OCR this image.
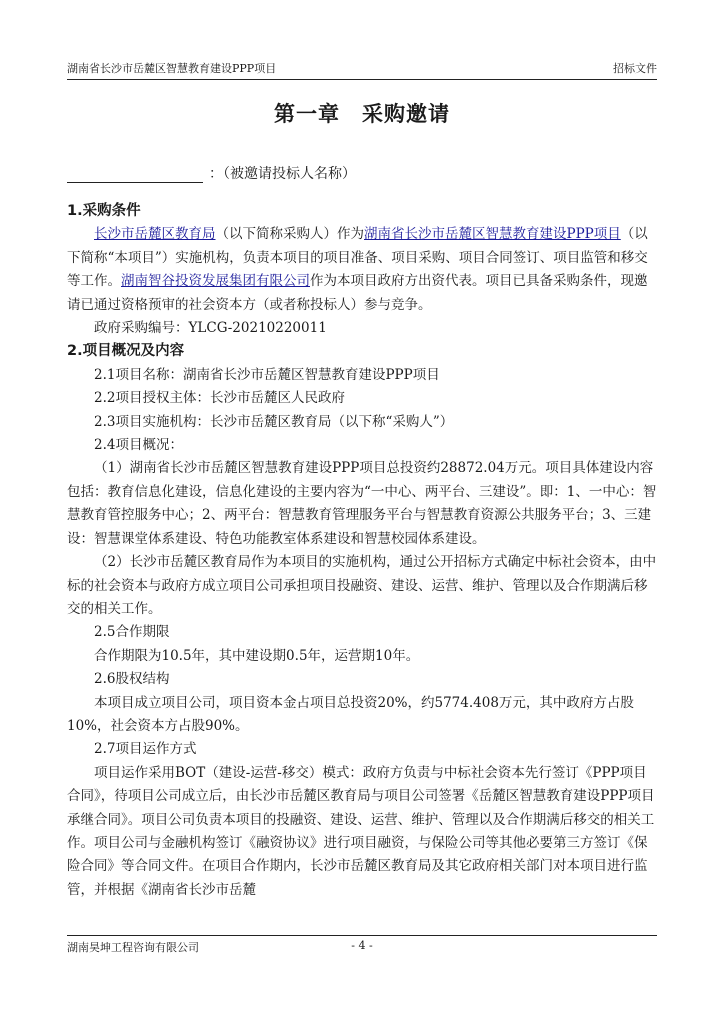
湖南省长沙市岳麓区智慧教育建设PPP项目	招标文件
第一章　采购邀请
：（被邀请投标人名称）

1.采购条件

长沙市岳麓区教育局（以下简称采购人）作为湖南省长沙市岳麓区智慧教育建设PPP项目（以下简称“本项目”）实施机构，负责本项目的项目准备、项目采购、项目合同签订、项目监管和移交等工作。湖南智谷投资发展集团有限公司作为本项目政府方出资代表。项目已具备采购条件，现邀请已通过资格预审的社会资本方（或者称投标人）参与竞争。

政府采购编号：YLCG-20210220011

2.项目概况及内容

2.1项目名称：湖南省长沙市岳麓区智慧教育建设PPP项目

2.2项目授权主体：长沙市岳麓区人民政府

2.3项目实施机构：长沙市岳麓区教育局（以下称“采购人”）

2.4项目概况：

（1）湖南省长沙市岳麓区智慧教育建设PPP项目总投资约28872.04万元。项目具体建设内容包括：教育信息化建设，信息化建设的主要内容为“一中心、两平台、三建设”。即：1、一中心：智慧教育管控服务中心；2、两平台：智慧教育管理服务平台与智慧教育资源公共服务平台；3、三建设：智慧课堂体系建设、特色功能教室体系建设和智慧校园体系建设。

（2）长沙市岳麓区教育局作为本项目的实施机构，通过公开招标方式确定中标社会资本，由中标的社会资本与政府方成立项目公司承担项目投融资、建设、运营、维护、管理以及合作期满后移交的相关工作。

2.5合作期限

合作期限为10.5年，其中建设期0.5年，运营期10年。

2.6股权结构

本项目成立项目公司，项目资本金占项目总投资20%，约5774.408万元，其中政府方占股10%，社会资本方占股90%。

2.7项目运作方式

项目运作采用BOT（建设-运营-移交）模式：政府方负责与中标社会资本先行签订《PPP项目合同》，待项目公司成立后，由长沙市岳麓区教育局与项目公司签署《岳麓区智慧教育建设PPP项目承继合同》。项目公司负责本项目的投融资、建设、运营、维护、管理以及合作期满后移交的相关工作。项目公司与金融机构签订《融资协议》进行项目融资，与保险公司等其他必要第三方签订《保险合同》等合同文件。在项目合作期内，长沙市岳麓区教育局及其它政府相关部门对本项目进行监管，并根据《湖南省长沙市岳麓

湖南昊坤工程咨询有限公司	- 4 -
